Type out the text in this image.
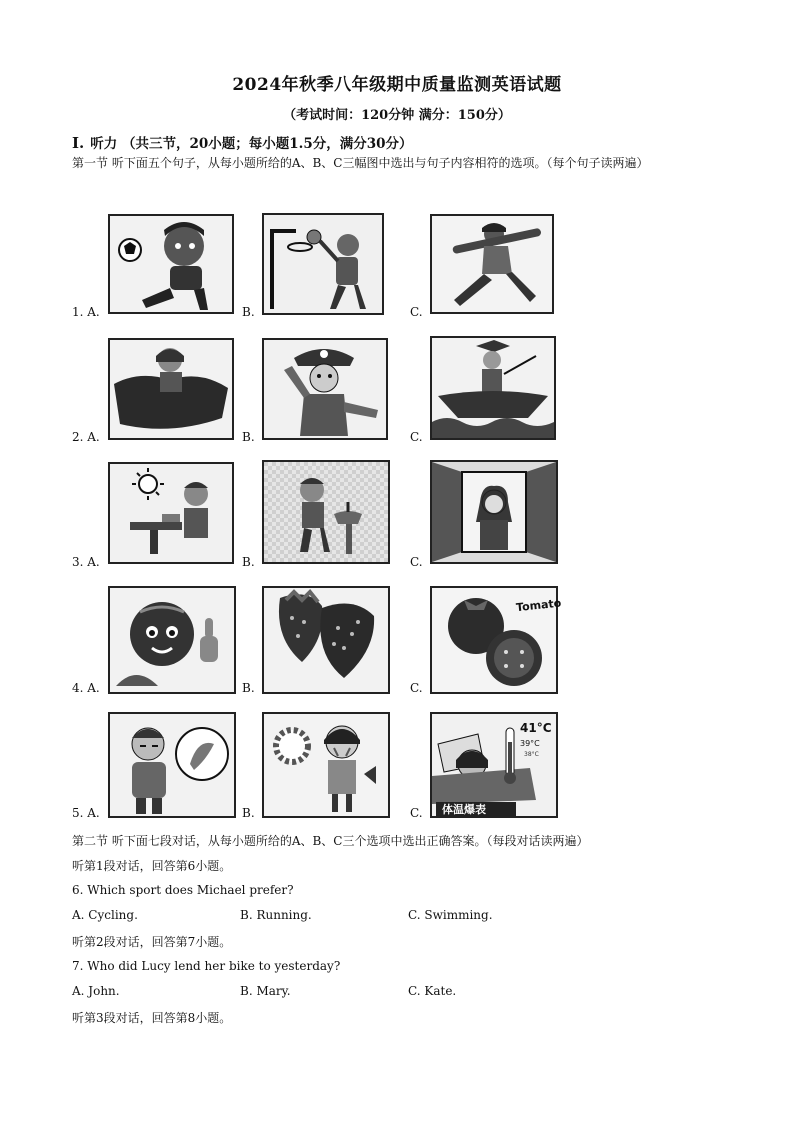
2024年秋季八年级期中质量监测英语试题
（考试时间：120分钟 满分：150分）
Ⅰ. 听力 （共三节，20小题；每小题1.5分，满分30分）
第一节 听下面五个句子，从每小题所给的A、B、C三幅图中选出与句子内容相符的选项。（每个句子读两遍）
1. A.	B.	C.
2. A.	B.	C.
3. A.	B.	C.
4. A.	B.	C.
Tomato
5. A.	B.	C.
41°C
39°C
38°C
体温爆表
第二节 听下面七段对话，从每小题所给的A、B、C三个选项中选出正确答案。（每段对话读两遍）
听第1段对话，回答第6小题。
6. Which sport does Michael prefer?
A. Cycling.	B. Running.	C. Swimming.
听第2段对话，回答第7小题。
7. Who did Lucy lend her bike to yesterday?
A. John.	B. Mary.	C. Kate.
听第3段对话，回答第8小题。
